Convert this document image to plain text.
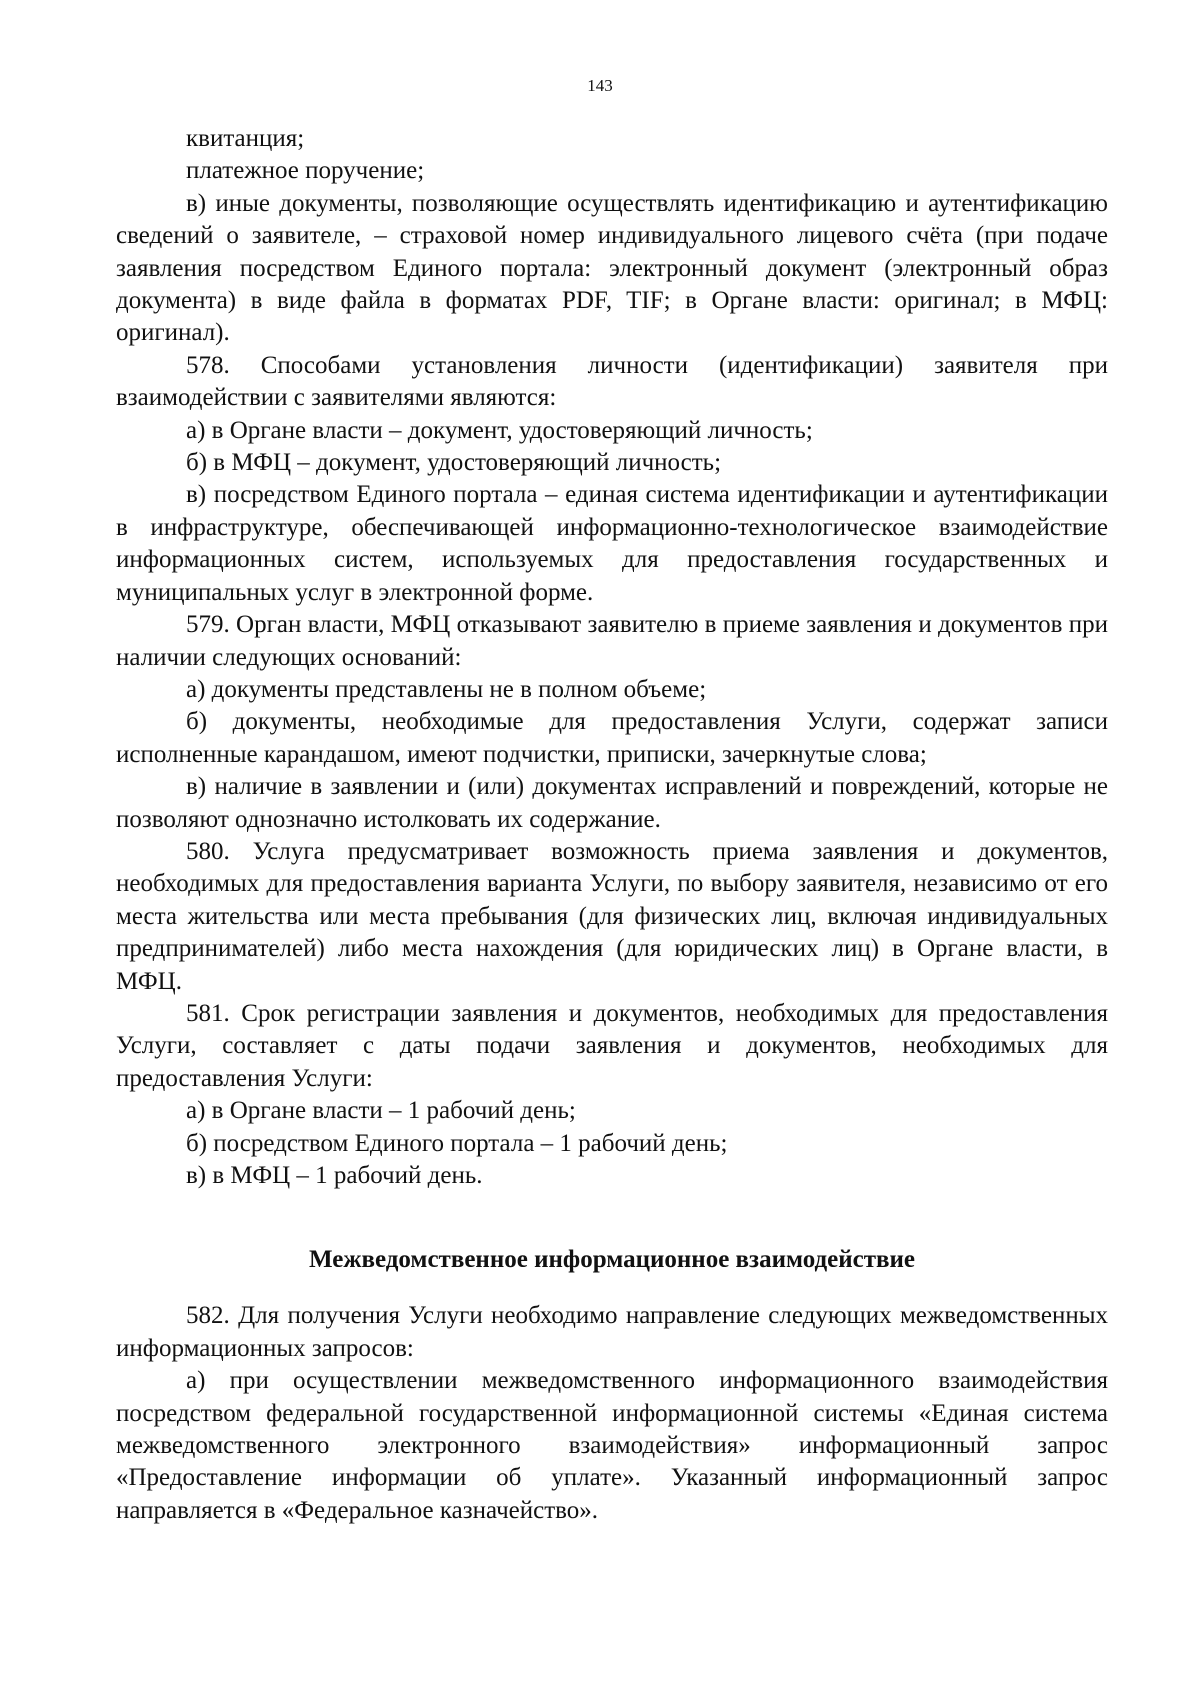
143

квитанция;

платежное поручение;

в) иные документы, позволяющие осуществлять идентификацию и аутентификацию сведений о заявителе, – страховой номер индивидуального лицевого счёта (при подаче заявления посредством Единого портала: электронный документ (электронный образ документа) в виде файла в форматах PDF, TIF; в Органе власти: оригинал; в МФЦ: оригинал).

578. Способами установления личности (идентификации) заявителя при взаимодействии с заявителями являются:

а) в Органе власти – документ, удостоверяющий личность;

б) в МФЦ – документ, удостоверяющий личность;

в) посредством Единого портала – единая система идентификации и аутентификации в инфраструктуре, обеспечивающей информационно-технологическое взаимодействие информационных систем, используемых для предоставления государственных и муниципальных услуг в электронной форме.

579. Орган власти, МФЦ отказывают заявителю в приеме заявления и документов при наличии следующих оснований:

а) документы представлены не в полном объеме;

б) документы, необходимые для предоставления Услуги, содержат записи исполненные карандашом, имеют подчистки, приписки, зачеркнутые слова;

в) наличие в заявлении и (или) документах исправлений и повреждений, которые не позволяют однозначно истолковать их содержание.

580. Услуга предусматривает возможность приема заявления и документов, необходимых для предоставления варианта Услуги, по выбору заявителя, независимо от его места жительства или места пребывания (для физических лиц, включая индивидуальных предпринимателей) либо места нахождения (для юридических лиц) в Органе власти, в МФЦ.

581. Срок регистрации заявления и документов, необходимых для предоставления Услуги, составляет с даты подачи заявления и документов, необходимых для предоставления Услуги:

а) в Органе власти – 1 рабочий день;

б) посредством Единого портала – 1 рабочий день;

в) в МФЦ – 1 рабочий день.

Межведомственное информационное взаимодействие

582. Для получения Услуги необходимо направление следующих межведомственных информационных запросов:

а) при осуществлении межведомственного информационного взаимодействия посредством федеральной государственной информационной системы «Единая система межведомственного электронного взаимодействия» информационный запрос «Предоставление информации об уплате». Указанный информационный запрос направляется в «Федеральное казначейство».
